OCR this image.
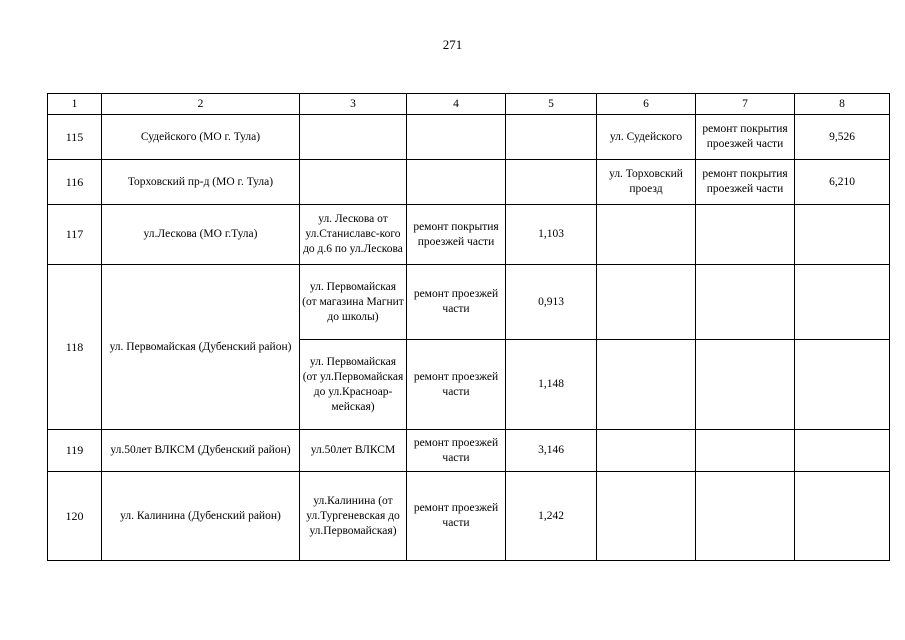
271
1	2	3	4	5	6	7	8
115	Судейского (МО г. Тула)				ул. Судейского	ремонт покрытия проезжей части	9,526
116	Торховский пр-д (МО г. Тула)				ул. Торховский проезд	ремонт покрытия проезжей части	6,210
117	ул.Лескова (МО г.Тула)	ул. Лескова от ул.Станиславс-кого до д.6 по ул.Лескова	ремонт покрытия проезжей части	1,103			
118	ул. Первомайская (Дубенский район)	ул. Первомайская (от магазина Магнит до школы)	ремонт проезжей части	0,913			
		ул. Первомайская (от ул.Первомайская до ул.Красноар-мейская)	ремонт проезжей части	1,148			
119	ул.50лет ВЛКСМ (Дубенский район)	ул.50лет ВЛКСМ	ремонт проезжей части	3,146			
120	ул. Калинина (Дубенский район)	ул.Калинина (от ул.Тургеневская до ул.Первомайская)	ремонт проезжей части	1,242			
